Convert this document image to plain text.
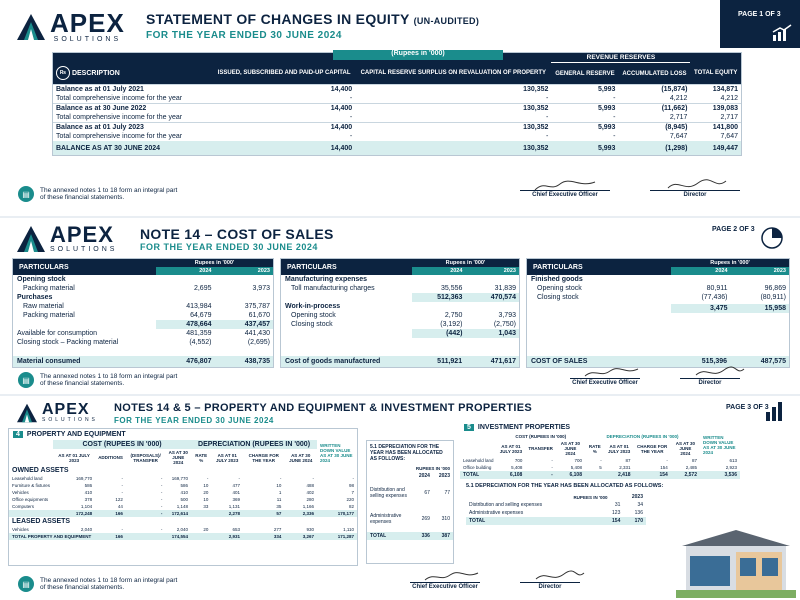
APEX
SOLUTIONS
STATEMENT OF CHANGES IN EQUITY (UN-AUDITED)
FOR THE YEAR ENDED 30 JUNE 2024
PAGE 1 OF 3
(Rupees in '000)
			REVENUE RESERVES		
₨ DESCRIPTION	ISSUED, SUBSCRIBED AND PAID-UP CAPITAL	CAPITAL RESERVE SURPLUS ON REVALUATION OF PROPERTY	GENERAL RESERVE	ACCUMULATED LOSS	TOTAL EQUITY
Balance as at 01 July 2021	14,400	130,352	5,993	(15,874)	134,871
Total comprehensive income for the year	-	-	-	4,212	4,212
Balance as at 30 June 2022	14,400	130,352	5,993	(11,662)	139,083
Total comprehensive income for the year	-	-	-	2,717	2,717
Balance as at 01 July 2023	14,400	130,352	5,993	(8,945)	141,800
Total comprehensive income for the year	-	-	-	7,647	7,647
BALANCE AS AT 30 JUNE 2024	14,400	130,352	5,993	(1,298)	149,447
▤	The annexed notes 1 to 18 form an integral part of these financial statements.	Chief Executive Officer	Director
APEX
SOLUTIONS
NOTE 14 – COST OF SALES
FOR THE YEAR ENDED 30 JUNE 2024
PAGE 2 OF 3
PARTICULARS	Rupees in '000'	
	2024	2023
Opening stock		
Packing material	2,695	3,973
Purchases		
Raw material	413,984	375,787
Packing material	64,679	61,670
	478,664	437,457
Available for consumption	481,359	441,430
Closing stock – Packing material	(4,552)	(2,695)
Material consumed	476,807	438,735
PARTICULARS	Rupees in '000'	
	2024	2023
Manufacturing expenses		
Toll manufacturing charges	35,556	31,839
	512,363	470,574
Work-in-process		
Opening stock	2,750	3,793
Closing stock	(3,192)	(2,750)
	(442)	1,043
Cost of goods manufactured	511,921	471,617
PARTICULARS	Rupees in '000'	
	2024	2023
Finished goods		
Opening stock	80,911	96,869
Closing stock	(77,436)	(80,911)

	3,475	15,958
COST OF SALES	515,396	487,575
▤	The annexed notes 1 to 18 form an integral part of these financial statements.	Chief Executive Officer	Director
APEX
SOLUTIONS
NOTES 14 & 5 – PROPERTY AND EQUIPMENT & INVESTMENT PROPERTIES
FOR THE YEAR ENDED 30 JUNE 2024
PAGE 3 OF 3
4	PROPERTY AND EQUIPMENT
	COST (RUPEES IN '000)				DEPRECIATION (RUPEES IN '000)				WRITTEN DOWN VALUE AS AT 30 JUNE 2024
	AS AT 01 JULY 2023	ADDITIONS	(DISPOSALS)/ TRANSFER	AS AT 30 JUNE 2024	RATE %	AS AT 01 JULY 2023	CHARGE FOR THE YEAR	AS AT 30 JUNE 2024	
OWNED ASSETS									
Leasehold land	169,770	-	-	169,770	-	-	-	-	-
Furniture & fixtures	586	-	-	586	10	477	10	488	98
Vehicles	410	-	-	410	20	401	1	402	7
Office equipments	378	122	-	500	10	369	11	280	220
Computers	1,104	44	-	1,148	33	1,131	35	1,166	82
	172,248	166	-	172,614		2,278	57	2,336	170,177
LEASED ASSETS									
Vehicles	2,040	-	-	2,040	20	653	277	930	1,110
TOTAL PROPERTY AND EQUIPMENT		166		174,554		2,931	334	3,267	171,287
5.1 DEPRECIATION FOR THE YEAR HAS BEEN ALLOCATED AS FOLLOWS:
	RUPEES IN '000	
	2024	2023
Distribution and selling expenses	67	77
Administrative expenses	269	310
TOTAL	336	387
5	INVESTMENT PROPERTIES
	COST (RUPEES IN '000)			DEPRECIATION (RUPEES IN '000)				WRITTEN DOWN VALUE AS AT 30 JUNE 2024
	AS AT 01 JULY 2023	TRANSFER	AS AT 30 JUNE 2024	RATE %	AS AT 01 JULY 2023	CHARGE FOR THE YEAR	AS AT 30 JUNE 2024	
Leasehold land	700	-	700	-	87	-	87	613
Office building	5,408	-	5,408	5	2,331	154	2,485	2,923
TOTAL	6,108	-	6,108		2,418	154	2,572	3,536
5.1 DEPRECIATION FOR THE YEAR HAS BEEN ALLOCATED AS FOLLOWS:
	RUPEES IN '000	2023
Distribution and selling expenses	31	34
Administrative expenses	123	136
TOTAL	154	170
▤	The annexed notes 1 to 18 form an integral part of these financial statements.	Chief Executive Officer	Director
